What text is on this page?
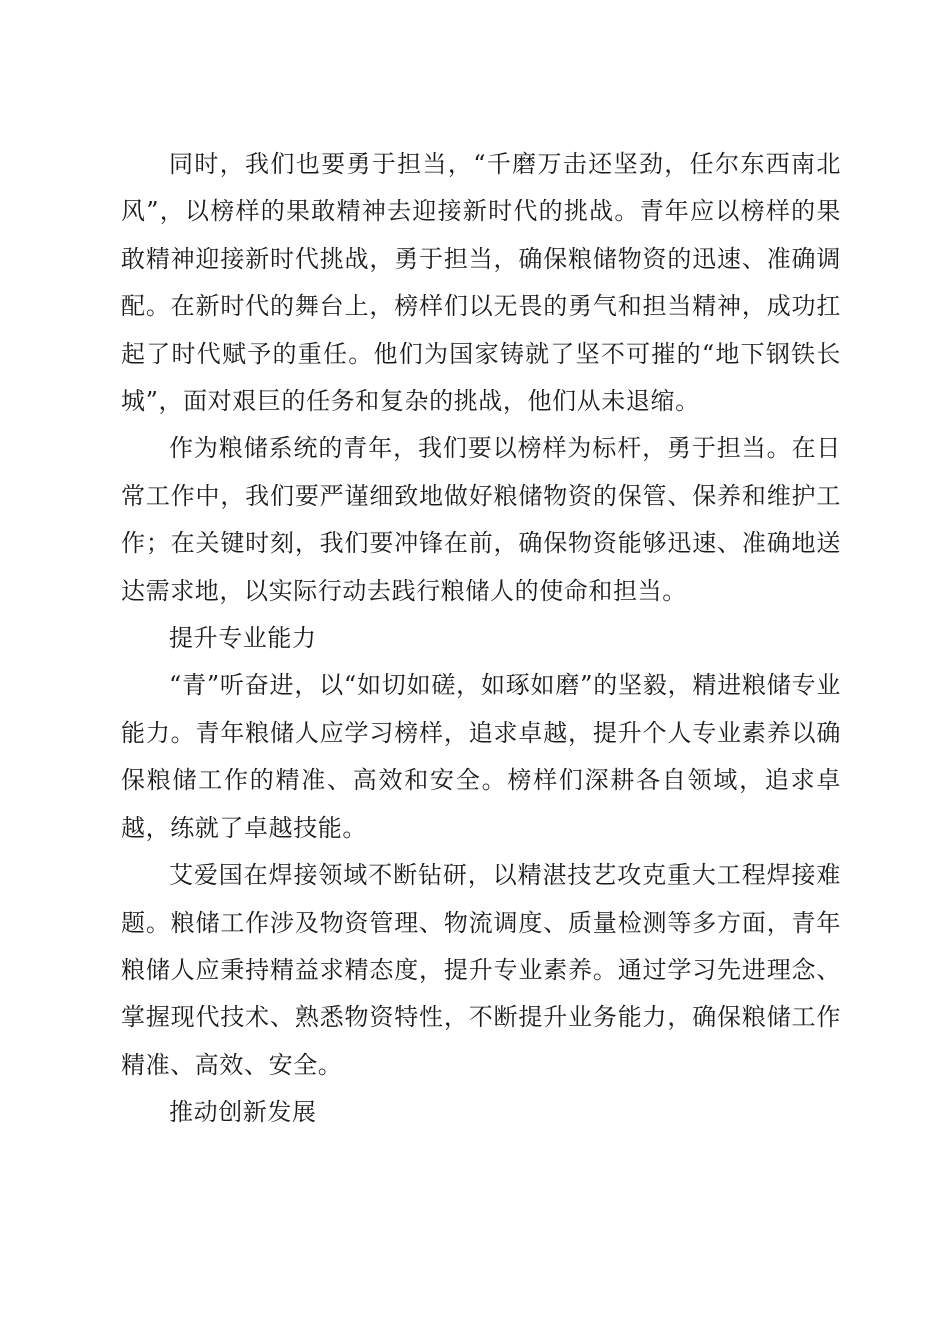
同时，我们也要勇于担当，“千磨万击还坚劲，任尔东西南北风”，以榜样的果敢精神去迎接新时代的挑战。青年应以榜样的果敢精神迎接新时代挑战，勇于担当，确保粮储物资的迅速、准确调配。在新时代的舞台上，榜样们以无畏的勇气和担当精神，成功扛起了时代赋予的重任。他们为国家铸就了坚不可摧的“地下钢铁长城”，面对艰巨的任务和复杂的挑战，他们从未退缩。

作为粮储系统的青年，我们要以榜样为标杆，勇于担当。在日常工作中，我们要严谨细致地做好粮储物资的保管、保养和维护工作；在关键时刻，我们要冲锋在前，确保物资能够迅速、准确地送达需求地，以实际行动去践行粮储人的使命和担当。

提升专业能力

“青”听奋进，以“如切如磋，如琢如磨”的坚毅，精进粮储专业能力。青年粮储人应学习榜样，追求卓越，提升个人专业素养以确保粮储工作的精准、高效和安全。榜样们深耕各自领域，追求卓越，练就了卓越技能。

艾爱国在焊接领域不断钻研，以精湛技艺攻克重大工程焊接难题。粮储工作涉及物资管理、物流调度、质量检测等多方面，青年粮储人应秉持精益求精态度，提升专业素养。通过学习先进理念、掌握现代技术、熟悉物资特性，不断提升业务能力，确保粮储工作精准、高效、安全。

推动创新发展
